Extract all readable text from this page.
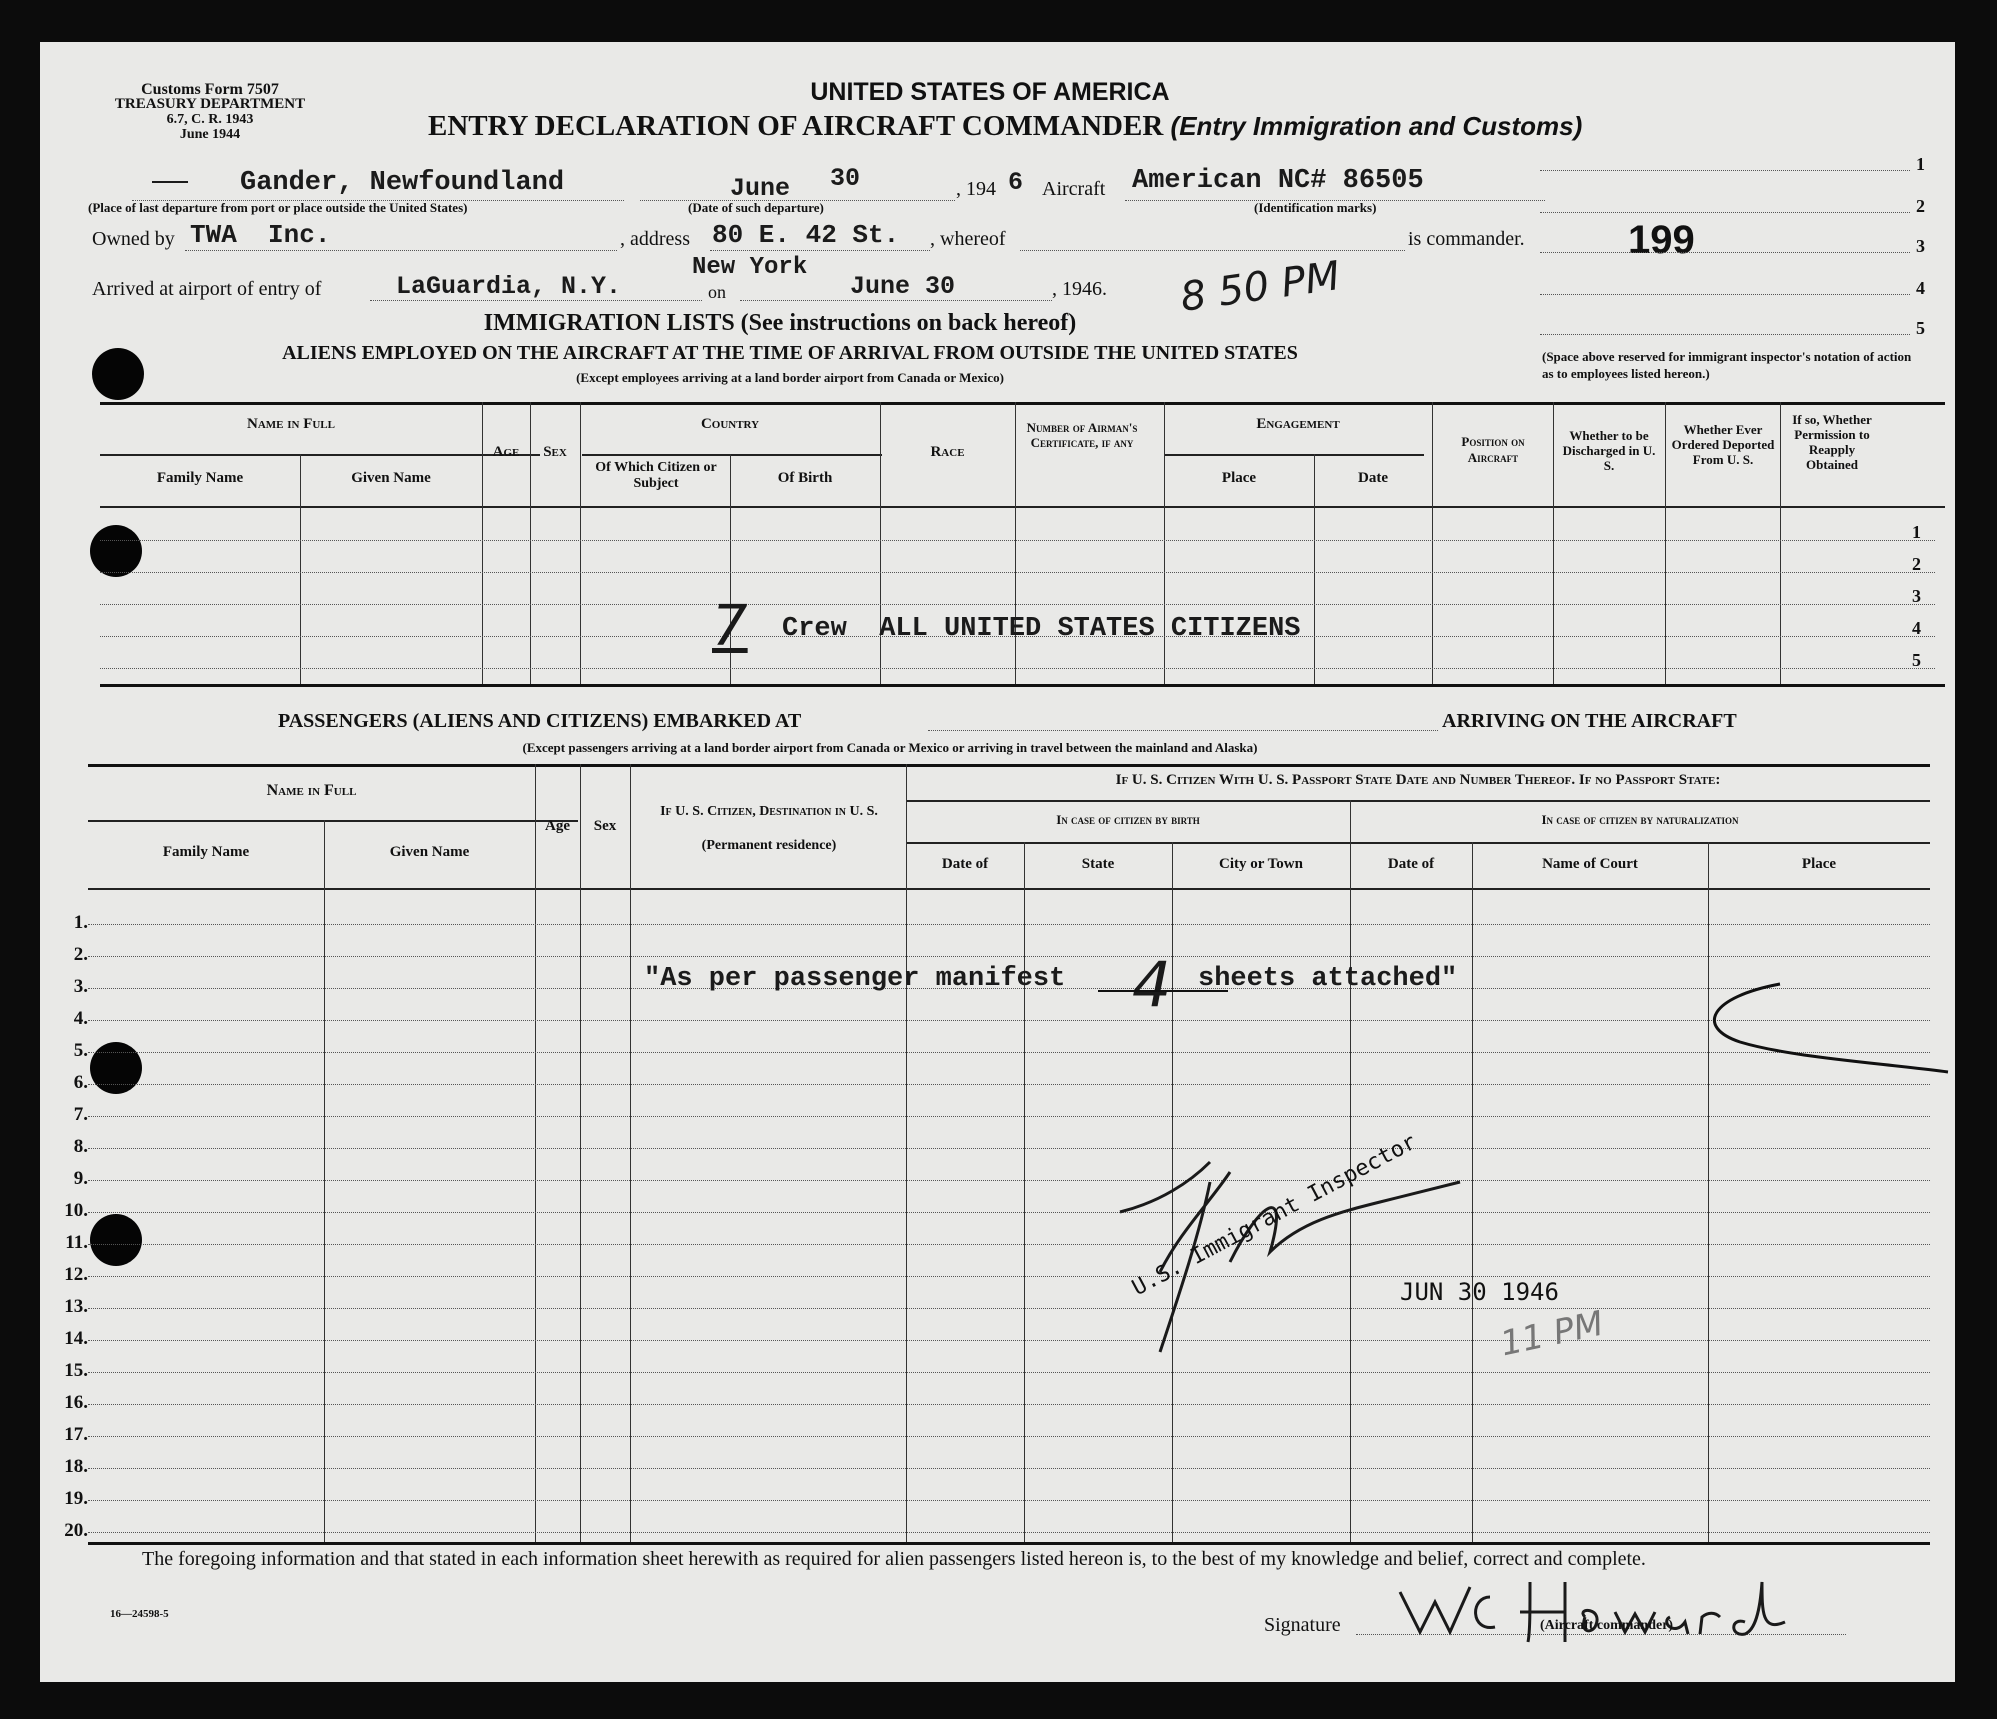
Customs Form 7507
TREASURY DEPARTMENT
6.7, C. R. 1943
June 1944
UNITED STATES OF AMERICA
ENTRY DECLARATION OF AIRCRAFT COMMANDER (Entry Immigration and Customs)

Gander, Newfoundland
(Place of last departure from port or place outside the United States)
June 30
(Date of such departure)
, 194 6 Aircraft American NC# 86505
(Identification marks)
Owned by TWA  Inc.	, address 80 E. 42 St. , whereof	is commander.
Arrived at airport of entry of	LaGuardia, N.Y.
New York
on	June 30	, 1946. 8 50 PM
199
1
2
3
4
5
(Space above reserved for immigrant inspector's notation of action as to employees listed hereon.)
IMMIGRATION LISTS (See instructions on back hereof)
ALIENS EMPLOYED ON THE AIRCRAFT AT THE TIME OF ARRIVAL FROM OUTSIDE THE UNITED STATES
(Except employees arriving at a land border airport from Canada or Mexico)
Name in Full
Family Name	Given Name
Age	Sex
Country
Of Which Citizen or Subject	Of Birth
Race
Number of Airman's Certificate, if any
Engagement
Place	Date
Position on Aircraft
Whether to be Discharged in U. S.
Whether Ever Ordered Deported From U. S.
If so, Whether Permission to Reapply Obtained
1
2
3
4
5
7 Crew  ALL UNITED STATES CITIZENS
PASSENGERS (ALIENS AND CITIZENS) EMBARKED AT	ARRIVING ON THE AIRCRAFT
(Except passengers arriving at a land border airport from Canada or Mexico or arriving in travel between the mainland and Alaska)
Name in Full
Family Name	Given Name
Age	Sex
If U. S. Citizen, Destination in U. S.
(Permanent residence)
If U. S. Citizen With U. S. Passport State Date and Number Thereof. If no Passport State:
In case of citizen by birth	In case of citizen by naturalization
Date of	State	City or Town	Date of	Name of Court	Place
1.
2.
3.
4.
5.
6.
7.
8.
9.
10.
11.
12.
13.
14.
15.
16.
17.
18.
19.
20.
"As per passenger manifest 4 sheets attached"
U.S. Immigrant Inspector
JUN 30 1946
11 PM
The foregoing information and that stated in each information sheet herewith as required for alien passengers listed hereon is, to the best of my knowledge and belief, correct and complete.
16—24598-5	Signature	(Aircraft commander)
